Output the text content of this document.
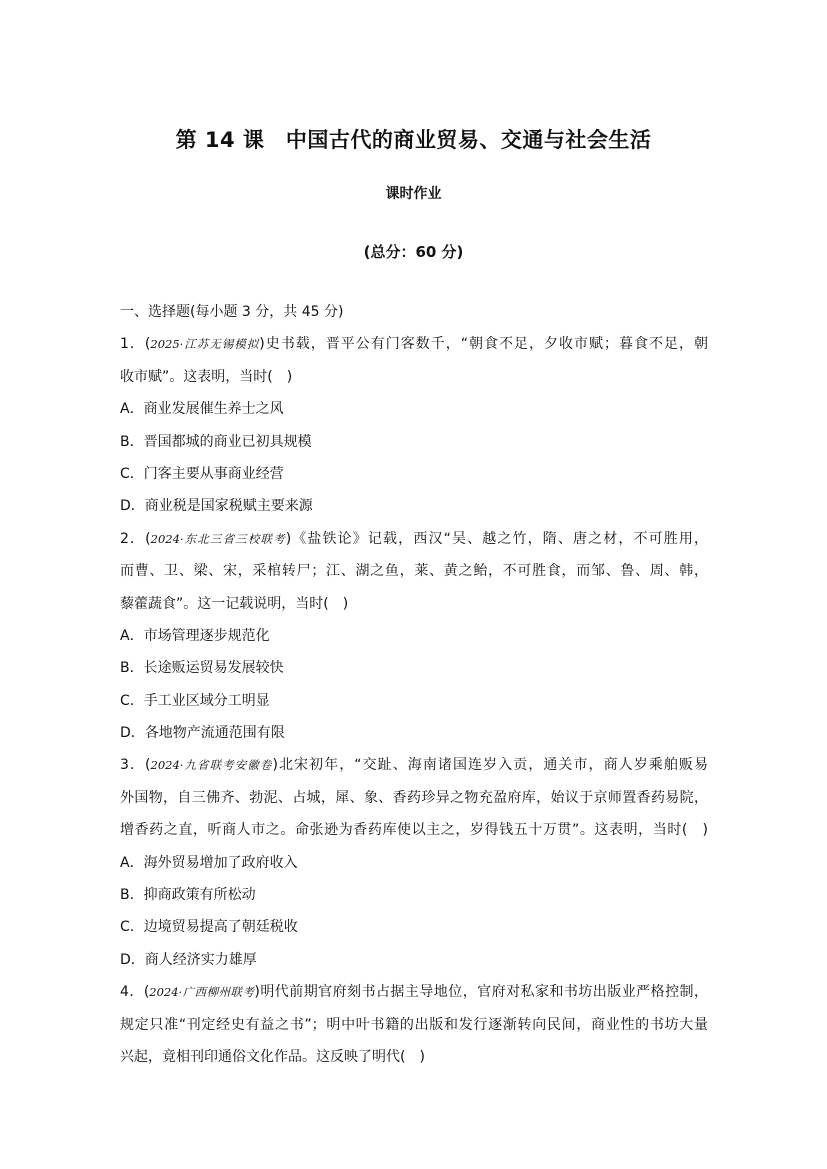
第 14 课　中国古代的商业贸易、交通与社会生活
课时作业
(总分：60 分)
一、选择题(每小题 3 分，共 45 分)
1．(2025·江苏无锡模拟)史书载，晋平公有门客数千，“朝食不足，夕收市赋；暮食不足，朝
收市赋”。这表明，当时(　)
A．商业发展催生养士之风
B．晋国都城的商业已初具规模
C．门客主要从事商业经营
D．商业税是国家税赋主要来源
2．(2024·东北三省三校联考)《盐铁论》记载，西汉“吴、越之竹，隋、唐之材，不可胜用，
而曹、卫、梁、宋，采棺转尸；江、湖之鱼，莱、黄之鲐，不可胜食，而邹、鲁、周、韩，
藜藿蔬食”。这一记载说明，当时(　)
A．市场管理逐步规范化
B．长途贩运贸易发展较快
C．手工业区域分工明显
D．各地物产流通范围有限
3．(2024·九省联考安徽卷)北宋初年，“交趾、海南诸国连岁入贡，通关市，商人岁乘舶贩易
外国物，自三佛齐、勃泥、占城，犀、象、香药珍异之物充盈府库，始议于京师置香药易院，
增香药之直，听商人市之。命张逊为香药库使以主之，岁得钱五十万贯”。这表明，当时(　)
A．海外贸易增加了政府收入
B．抑商政策有所松动
C．边境贸易提高了朝廷税收
D．商人经济实力雄厚
4．(2024·广西柳州联考)明代前期官府刻书占据主导地位，官府对私家和书坊出版业严格控制，
规定只准“刊定经史有益之书”；明中叶书籍的出版和发行逐渐转向民间，商业性的书坊大量
兴起，竟相刊印通俗文化作品。这反映了明代(　)
